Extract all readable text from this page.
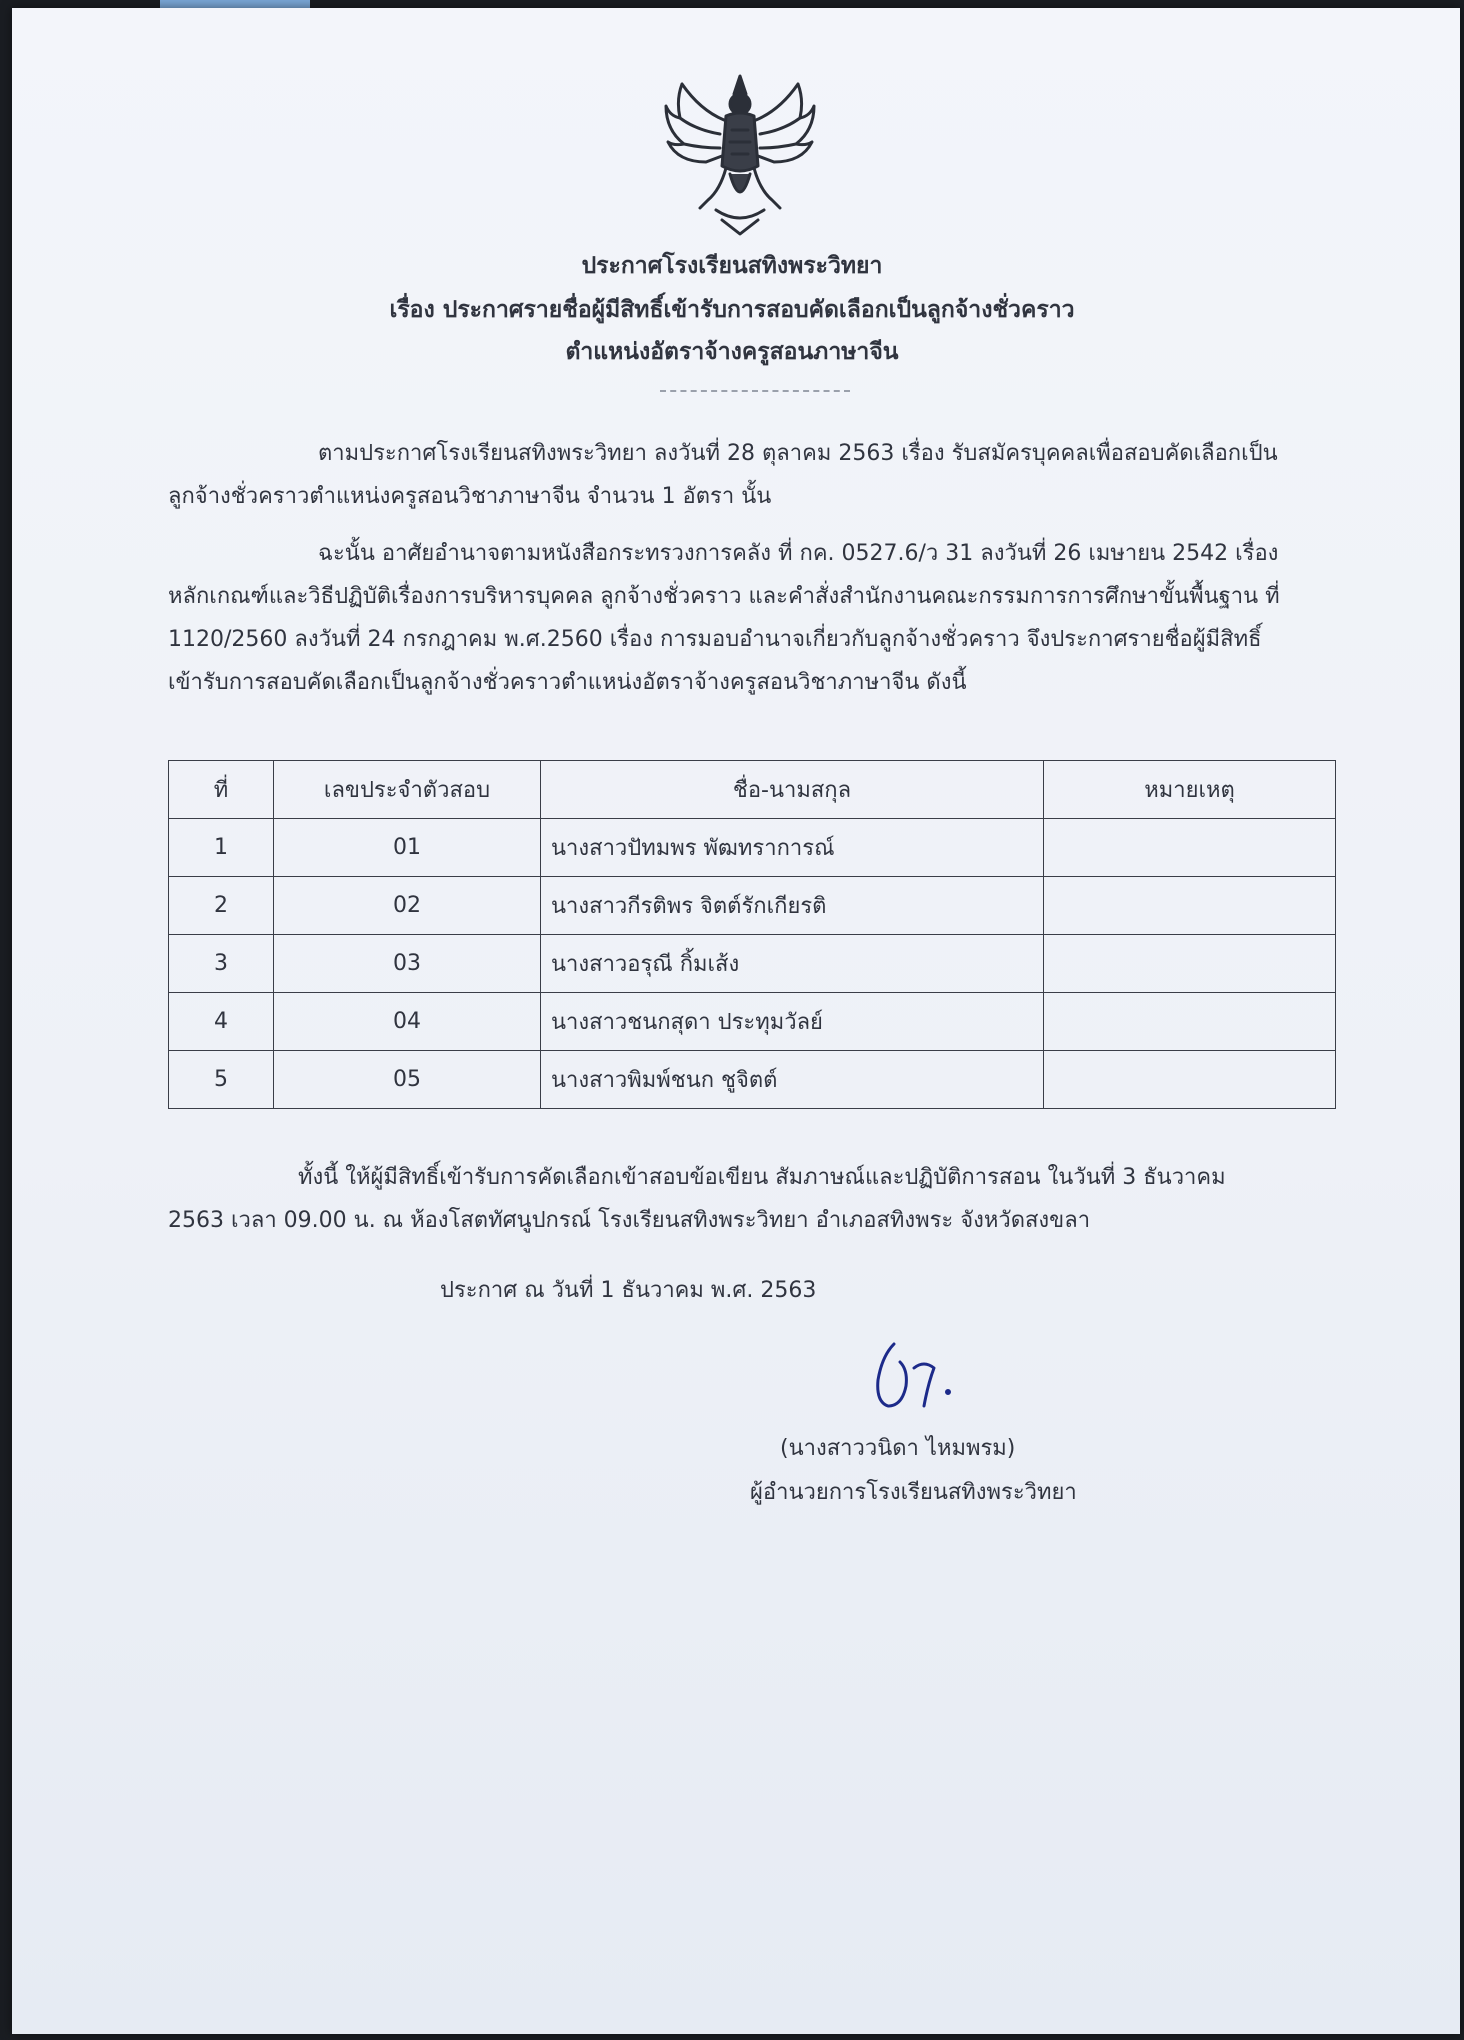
ประกาศโรงเรียนสทิงพระวิทยา
เรื่อง ประกาศรายชื่อผู้มีสิทธิ์เข้ารับการสอบคัดเลือกเป็นลูกจ้างชั่วคราว
ตำแหน่งอัตราจ้างครูสอนภาษาจีน
ตามประกาศโรงเรียนสทิงพระวิทยา ลงวันที่ 28 ตุลาคม 2563 เรื่อง รับสมัครบุคคลเพื่อสอบคัดเลือกเป็นลูกจ้างชั่วคราวตำแหน่งครูสอนวิชาภาษาจีน จำนวน 1 อัตรา นั้น
ฉะนั้น อาศัยอำนาจตามหนังสือกระทรวงการคลัง ที่ กค. 0527.6/ว 31 ลงวันที่ 26 เมษายน 2542 เรื่อง หลักเกณฑ์และวิธีปฏิบัติเรื่องการบริหารบุคคล ลูกจ้างชั่วคราว และคำสั่งสำนักงานคณะกรรมการการศึกษาขั้นพื้นฐาน ที่ 1120/2560 ลงวันที่ 24 กรกฎาคม พ.ศ.2560 เรื่อง การมอบอำนาจเกี่ยวกับลูกจ้างชั่วคราว จึงประกาศรายชื่อผู้มีสิทธิ์เข้ารับการสอบคัดเลือกเป็นลูกจ้างชั่วคราวตำแหน่งอัตราจ้างครูสอนวิชาภาษาจีน ดังนี้
ที่	เลขประจำตัวสอบ	ชื่อ-นามสกุล	หมายเหตุ
1	01	นางสาวปัทมพร พัฒทราการณ์	
2	02	นางสาวกีรติพร จิตต์รักเกียรติ	
3	03	นางสาวอรุณี กิ้มเส้ง	
4	04	นางสาวชนกสุดา ประทุมวัลย์	
5	05	นางสาวพิมพ์ชนก ชูจิตต์	
ทั้งนี้ ให้ผู้มีสิทธิ์เข้ารับการคัดเลือกเข้าสอบข้อเขียน สัมภาษณ์และปฏิบัติการสอน ในวันที่ 3 ธันวาคม 2563 เวลา 09.00 น. ณ ห้องโสตทัศนูปกรณ์ โรงเรียนสทิงพระวิทยา อำเภอสทิงพระ จังหวัดสงขลา
ประกาศ ณ วันที่ 1 ธันวาคม พ.ศ. 2563
(นางสาววนิดา ไหมพรม)
ผู้อำนวยการโรงเรียนสทิงพระวิทยา
